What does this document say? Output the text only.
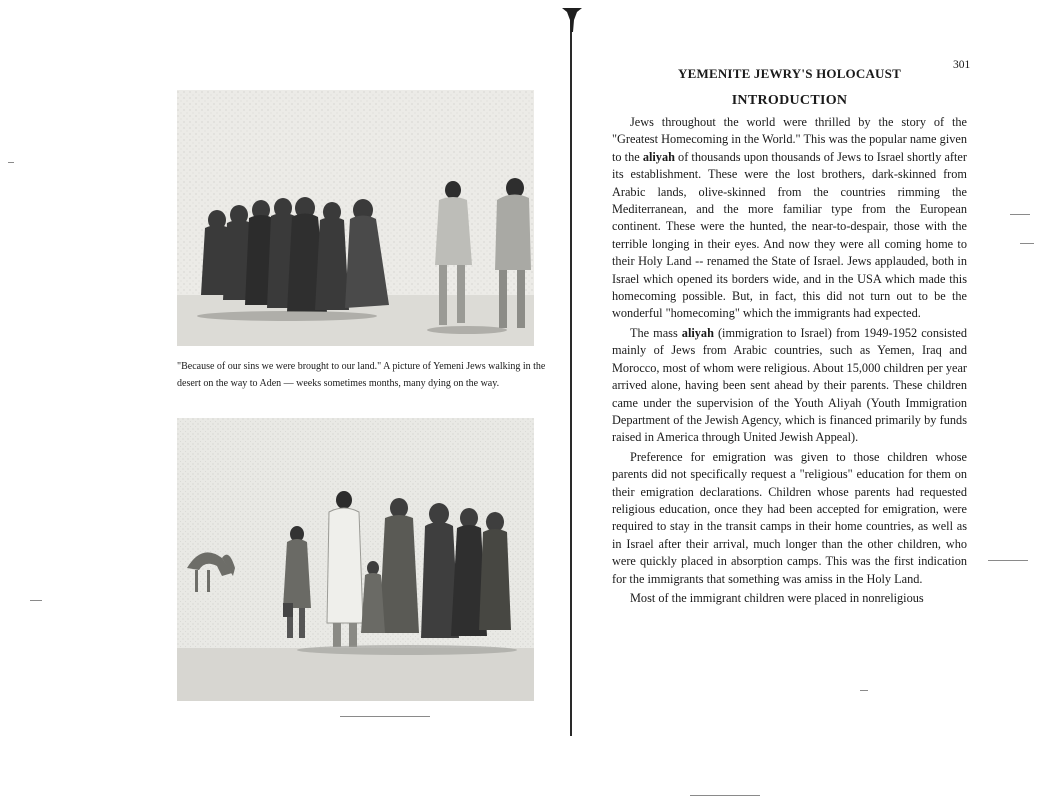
"Because of our sins we were brought to our land." A picture of Yemeni Jews walking in the desert on the way to Aden — weeks sometimes months, many dying on the way.
301
YEMENITE JEWRY'S HOLOCAUST
INTRODUCTION

Jews throughout the world were thrilled by the story of the "Greatest Homecoming in the World." This was the popular name given to the aliyah of thousands upon thousands of Jews to Israel shortly after its establishment. These were the lost brothers, dark-skinned from Arabic lands, olive-skinned from the countries rimming the Mediterranean, and the more familiar type from the European continent. These were the hunted, the near-to-despair, those with the terrible longing in their eyes. And now they were all coming home to their Holy Land -- renamed the State of Israel. Jews applauded, both in Israel which opened its borders wide, and in the USA which made this homecoming possible. But, in fact, this did not turn out to be the wonderful "homecoming" which the immigrants had expected.

The mass aliyah (immigration to Israel) from 1949-1952 consisted mainly of Jews from Arabic countries, such as Yemen, Iraq and Morocco, most of whom were religious. About 15,000 children per year arrived alone, having been sent ahead by their parents. These children came under the supervision of the Youth Aliyah (Youth Immigration Department of the Jewish Agency, which is financed primarily by funds raised in America through United Jewish Appeal).

Preference for emigration was given to those children whose parents did not specifically request a "religious" education for them on their emigration declarations. Children whose parents had requested religious education, once they had been accepted for emigration, were required to stay in the transit camps in their home countries, as well as in Israel after their arrival, much longer than the other children, who were quickly placed in absorption camps. This was the first indication for the immigrants that something was amiss in the Holy Land.

Most of the immigrant children were placed in nonreligious
